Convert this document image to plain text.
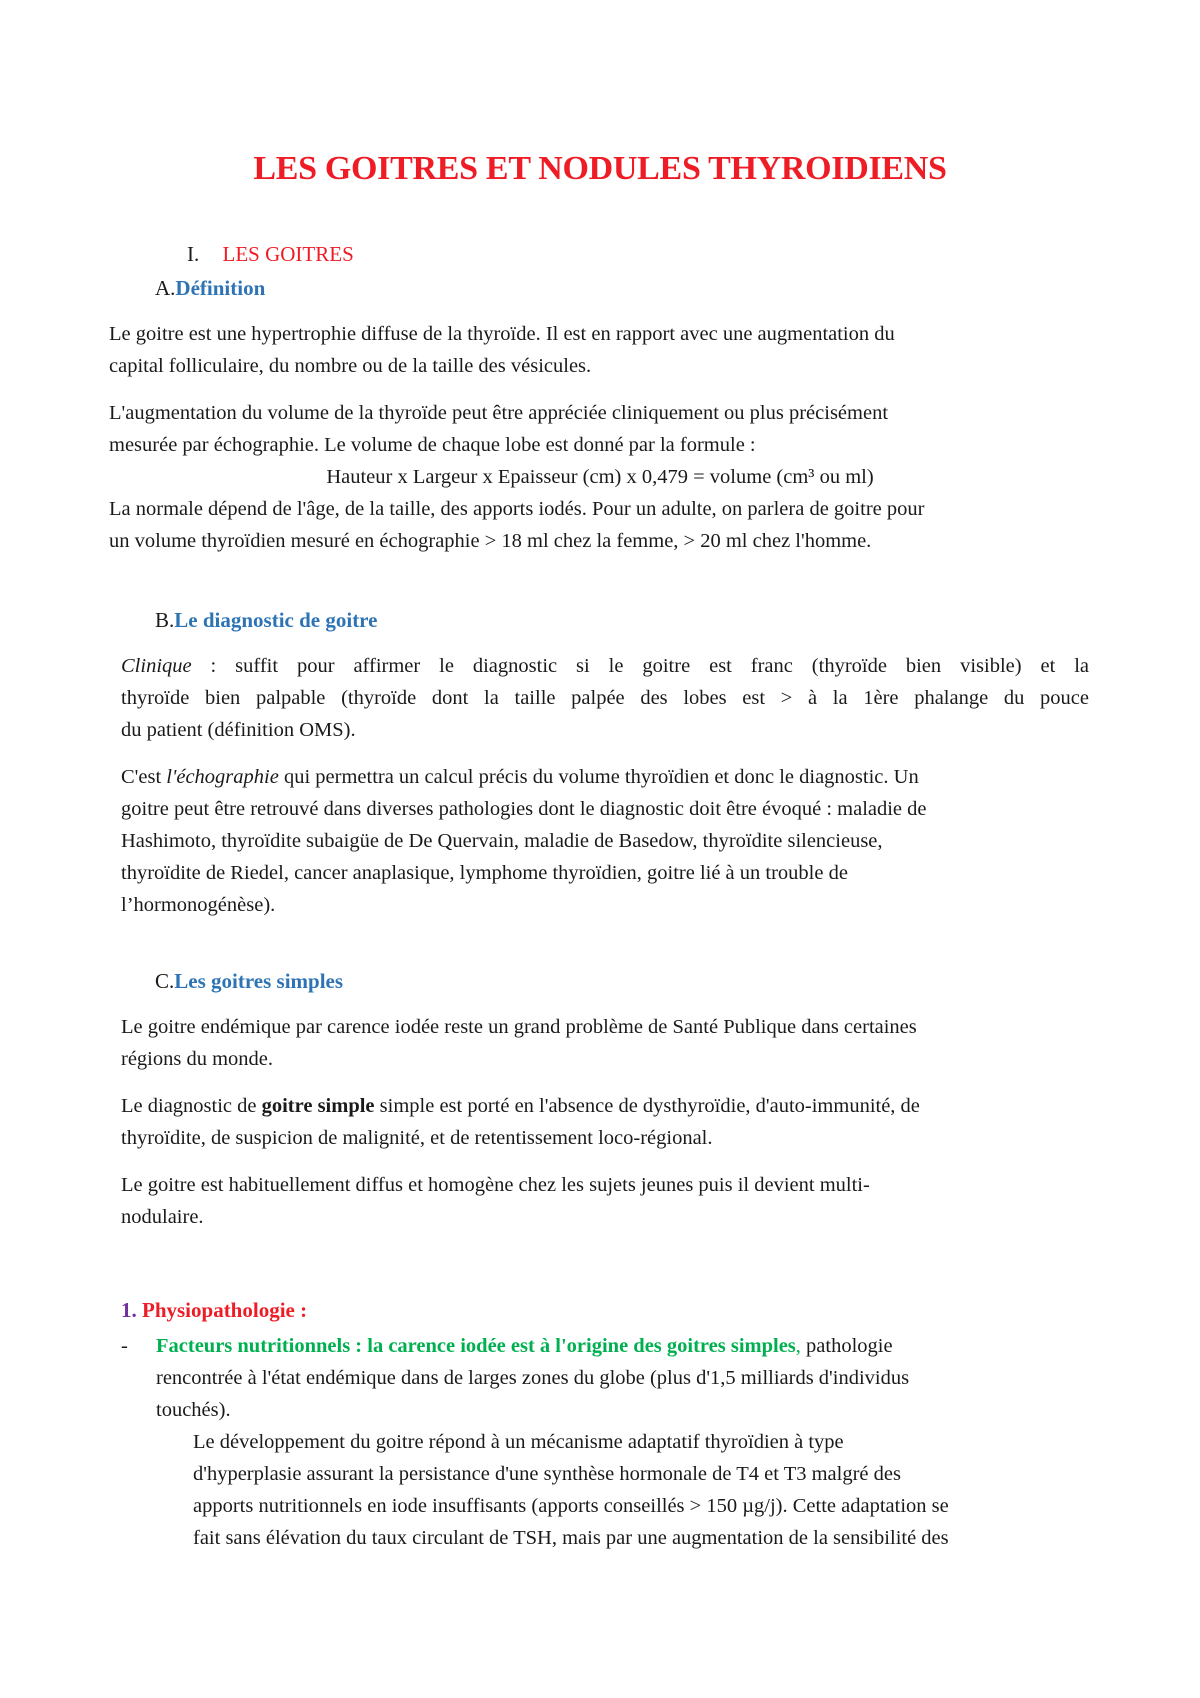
LES GOITRES ET NODULES THYROIDIENS
I. LES GOITRES
A.Définition

Le goitre est une hypertrophie diffuse de la thyroïde. Il est en rapport avec une augmentation du

capital folliculaire, du nombre ou de la taille des vésicules.

L'augmentation du volume de la thyroïde peut être appréciée cliniquement ou plus précisément

mesurée par échographie. Le volume de chaque lobe est donné par la formule :

Hauteur x Largeur x Epaisseur (cm) x 0,479 = volume (cm³ ou ml)

La normale dépend de l'âge, de la taille, des apports iodés. Pour un adulte, on parlera de goitre pour

un volume thyroïdien mesuré en échographie > 18 ml chez la femme, > 20 ml chez l'homme.

B.Le diagnostic de goitre

Clinique : suffit pour affirmer le diagnostic si le goitre est franc (thyroïde bien visible) et la

thyroïde bien palpable (thyroïde dont la taille palpée des lobes est > à la 1ère phalange du pouce

du patient (définition OMS).

C'est l'échographie qui permettra un calcul précis du volume thyroïdien et donc le diagnostic. Un

goitre peut être retrouvé dans diverses pathologies dont le diagnostic doit être évoqué : maladie de

Hashimoto, thyroïdite subaigüe de De Quervain, maladie de Basedow, thyroïdite silencieuse,

thyroïdite de Riedel, cancer anaplasique, lymphome thyroïdien, goitre lié à un trouble de

l’hormonogénèse).

C.Les goitres simples

Le goitre endémique par carence iodée reste un grand problème de Santé Publique dans certaines

régions du monde.

Le diagnostic de goitre simple simple est porté en l'absence de dysthyroïdie, d'auto-immunité, de

thyroïdite, de suspicion de malignité, et de retentissement loco-régional.

Le goitre est habituellement diffus et homogène chez les sujets jeunes puis il devient multi-

nodulaire.

1. Physiopathologie :
- Facteurs nutritionnels : la carence iodée est à l'origine des goitres simples, pathologie

rencontrée à l'état endémique dans de larges zones du globe (plus d'1,5 milliards d'individus

touchés).

Le développement du goitre répond à un mécanisme adaptatif thyroïdien à type

d'hyperplasie assurant la persistance d'une synthèse hormonale de T4 et T3 malgré des

apports nutritionnels en iode insuffisants (apports conseillés > 150 µg/j). Cette adaptation se

fait sans élévation du taux circulant de TSH, mais par une augmentation de la sensibilité des
